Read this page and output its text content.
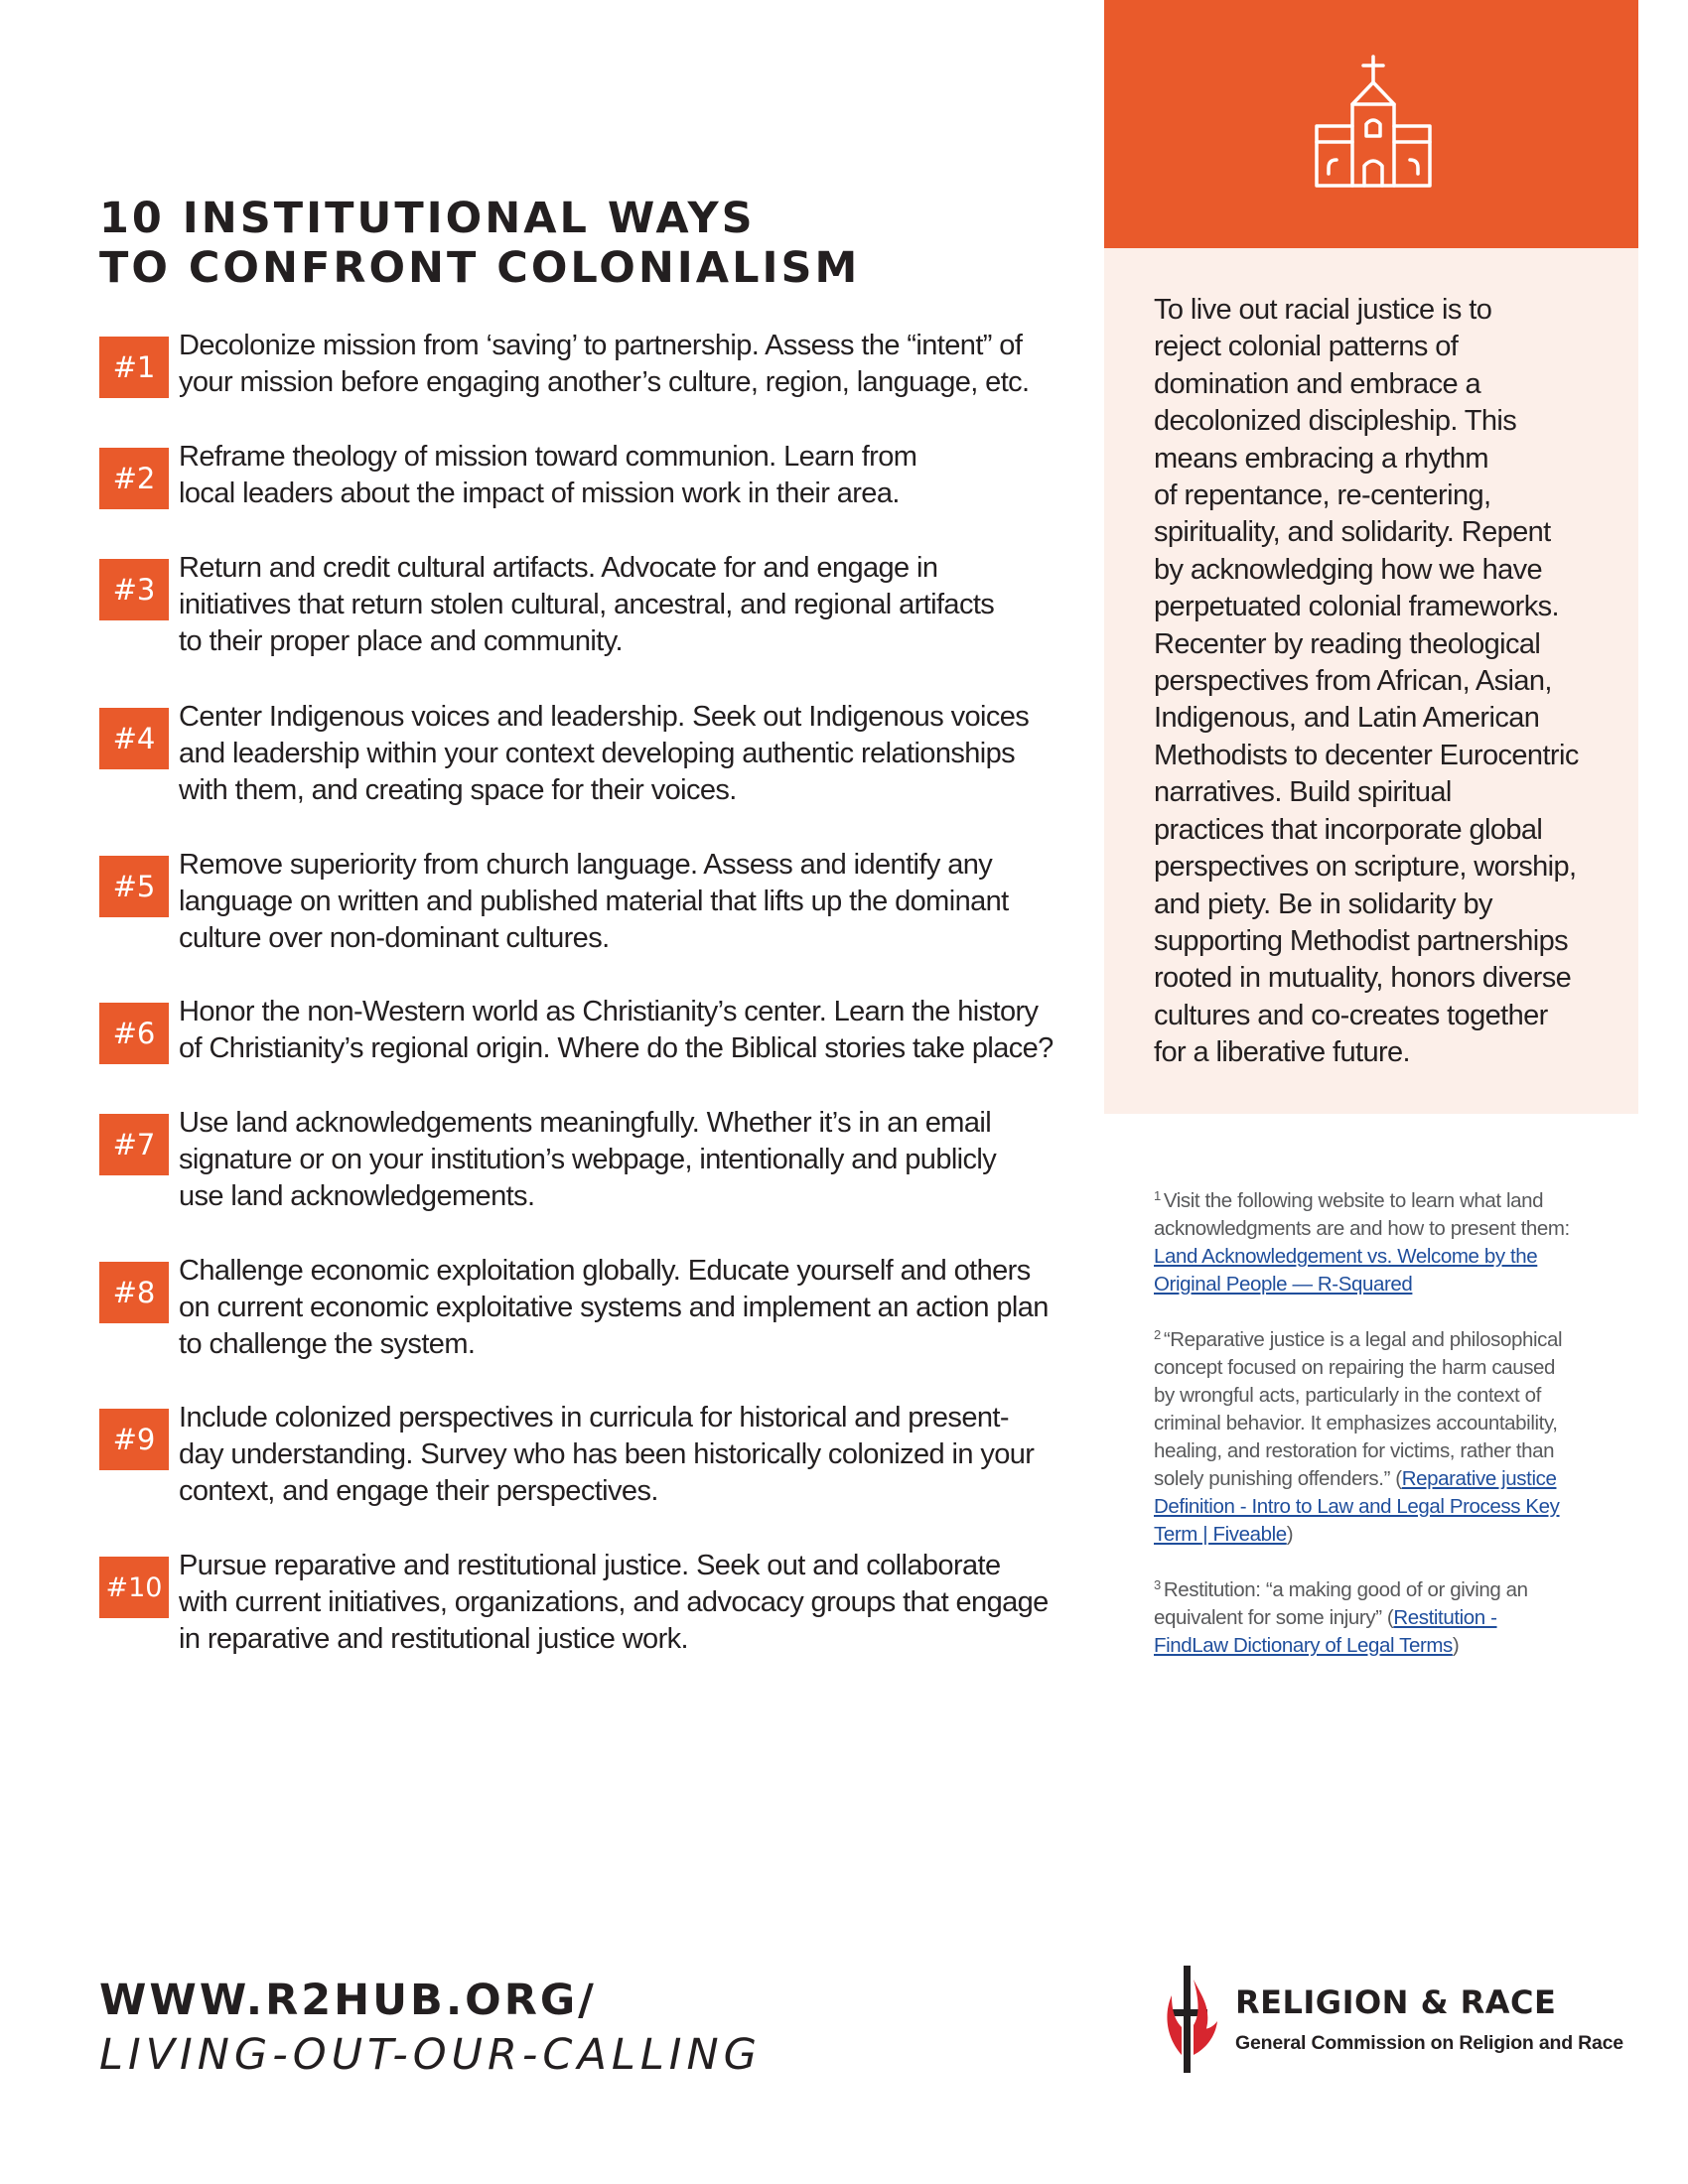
10 INSTITUTIONAL WAYS
TO CONFRONT COLONIALISM
#1
Decolonize mission from ‘saving’ to partnership. Assess the “intent” of
your mission before engaging another’s culture, region, language, etc.
#2
Reframe theology of mission toward communion. Learn from
local leaders about the impact of mission work in their area.
#3
Return and credit cultural artifacts. Advocate for and engage in
initiatives that return stolen cultural, ancestral, and regional artifacts
to their proper place and community.
#4
Center Indigenous voices and leadership. Seek out Indigenous voices
and leadership within your context developing authentic relationships
with them, and creating space for their voices.
#5
Remove superiority from church language. Assess and identify any
language on written and published material that lifts up the dominant
culture over non-dominant cultures.
#6
Honor the non-Western world as Christianity’s center. Learn the history
of Christianity’s regional origin. Where do the Biblical stories take place?
#7
Use land acknowledgements meaningfully. Whether it’s in an email
signature or on your institution’s webpage, intentionally and publicly
use land acknowledgements.
#8
Challenge economic exploitation globally. Educate yourself and others
on current economic exploitative systems and implement an action plan
to challenge the system.
#9
Include colonized perspectives in curricula for historical and present-
day understanding. Survey who has been historically colonized in your
context, and engage their perspectives.
#10
Pursue reparative and restitutional justice. Seek out and collaborate
with current initiatives, organizations, and advocacy groups that engage
in reparative and restitutional justice work.
To live out racial justice is to
reject colonial patterns of
domination and embrace a
decolonized discipleship. This
means embracing a rhythm
of repentance, re-centering,
spirituality, and solidarity. Repent
by acknowledging how we have
perpetuated colonial frameworks.
Recenter by reading theological
perspectives from African, Asian,
Indigenous, and Latin American
Methodists to decenter Eurocentric
narratives. Build spiritual
practices that incorporate global
perspectives on scripture, worship,
and piety. Be in solidarity by
supporting Methodist partnerships
rooted in mutuality, honors diverse
cultures and co-creates together
for a liberative future.
$^1$ Visit the following website to learn what land
acknowledgments are and how to present them:
Land Acknowledgement vs. Welcome by the
Original People — R-Squared
$^2$ “Reparative justice is a legal and philosophical
concept focused on repairing the harm caused
by wrongful acts, particularly in the context of
criminal behavior. It emphasizes accountability,
healing, and restoration for victims, rather than
solely punishing offenders.” (Reparative justice
Definition - Intro to Law and Legal Process Key
Term | Fiveable)
$^3$ Restitution: “a making good of or giving an
equivalent for some injury” (Restitution -
FindLaw Dictionary of Legal Terms)
WWW.R2HUB.ORG/
LIVING-OUT-OUR-CALLING
RELIGION & RACE
General Commission on Religion and Race
